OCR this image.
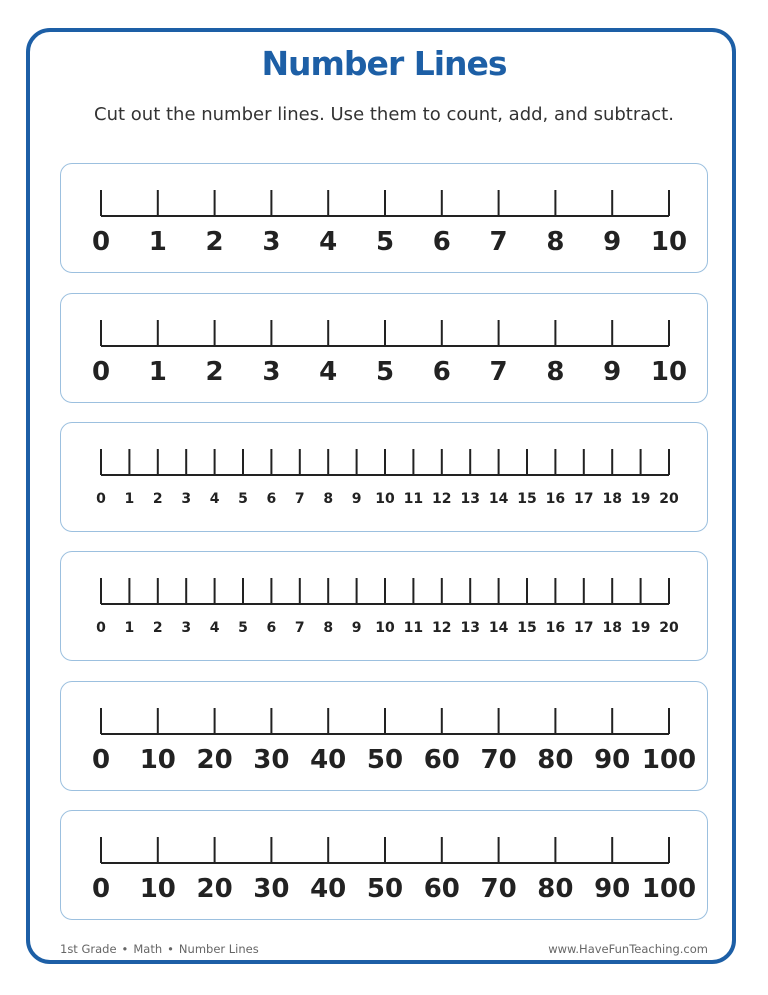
Number Lines
Cut out the number lines. Use them to count, add, and subtract.
0 1 2 3 4 5 6 7 8 9 10
0 1 2 3 4 5 6 7 8 9 10
0 1 2 3 4 5 6 7 8 9 10 11 12 13 14 15 16 17 18 19 20
0 1 2 3 4 5 6 7 8 9 10 11 12 13 14 15 16 17 18 19 20
0 10 20 30 40 50 60 70 80 90 100
0 10 20 30 40 50 60 70 80 90 100
1st Grade • Math • Number Lines	www.HaveFunTeaching.com
